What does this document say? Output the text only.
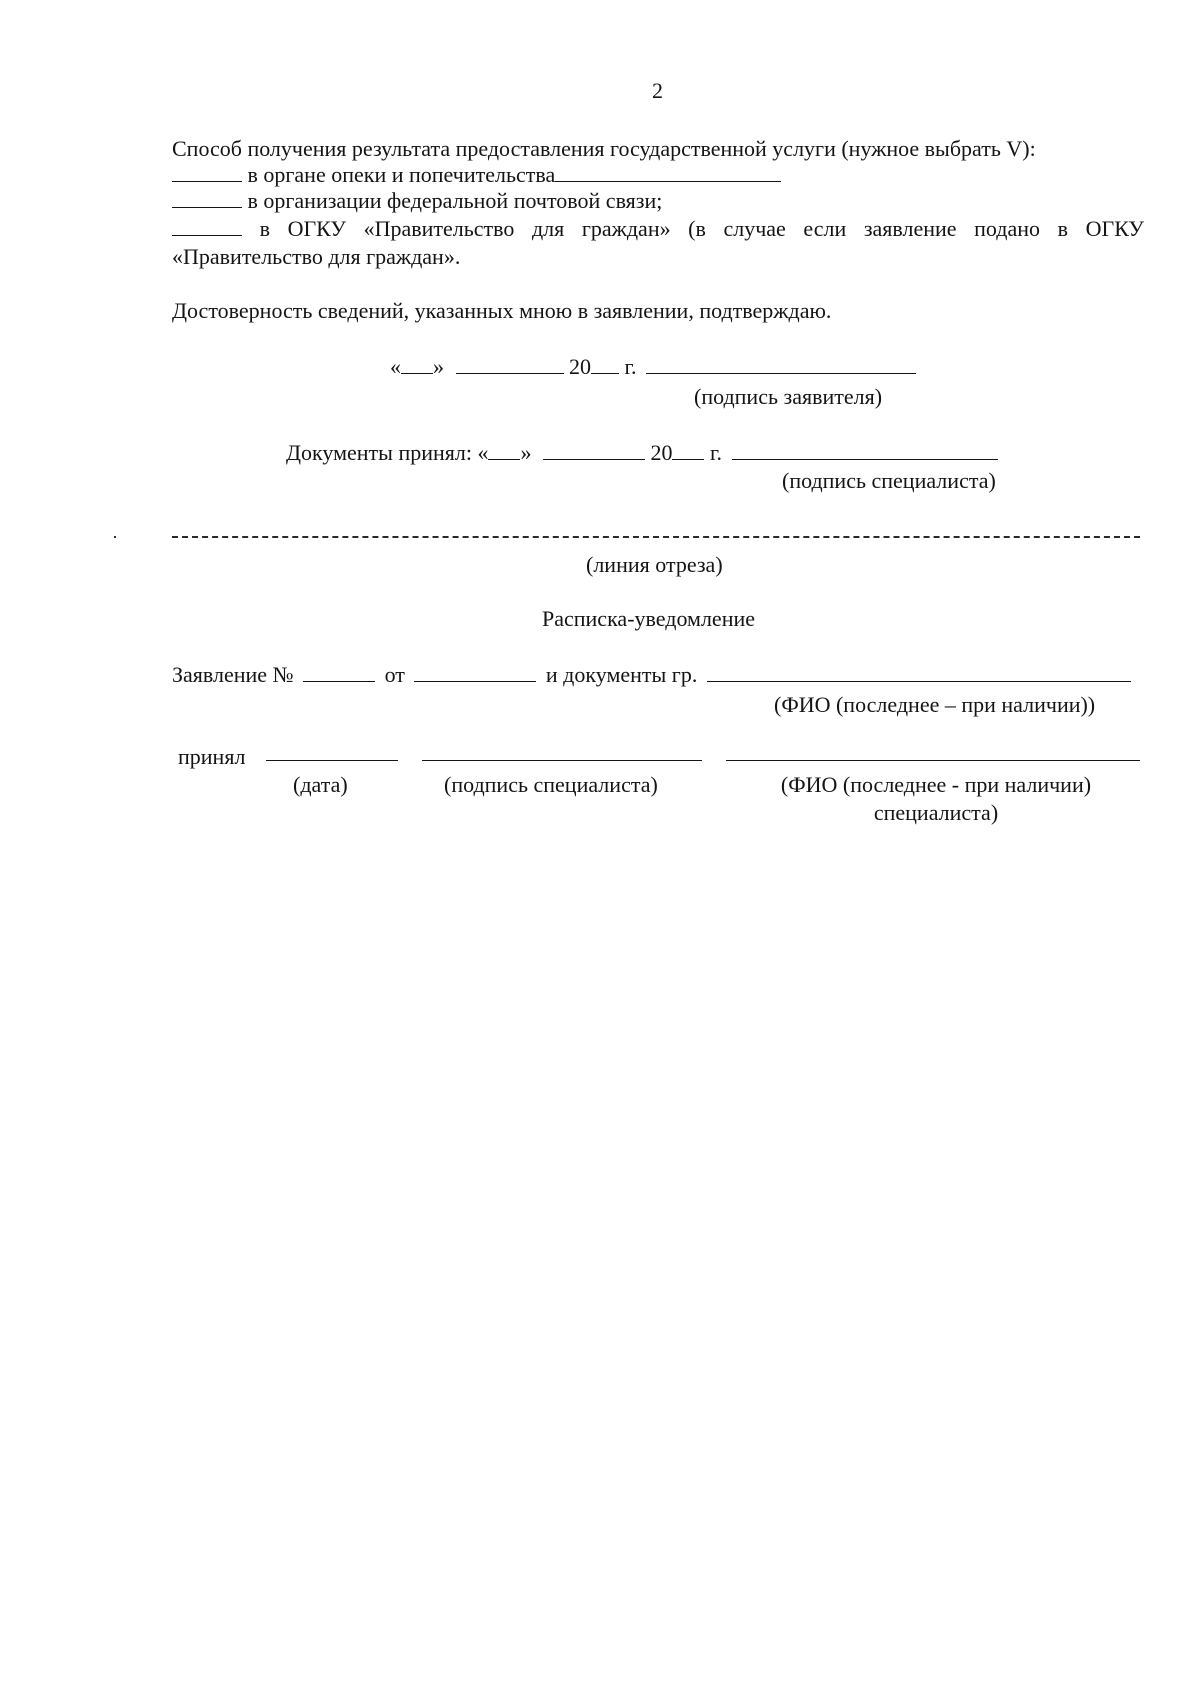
2
Способ получения результата предоставления государственной услуги (нужное выбрать V):
в органе опеки и попечительства
в организации федеральной почтовой связи;
в ОГКУ «Правительство для граждан» (в случае если заявление подано в ОГКУ
«Правительство для граждан».
Достоверность сведений, указанных мною в заявлении, подтверждаю.
« »	20 г.
(подпись заявителя)
Документы принял: « »	20 г.
(подпись специалиста)
(линия отреза)
Расписка-уведомление
Заявление №	от	и документы гр.
(ФИО (последнее – при наличии))
принял
(дата)	(подпись специалиста)	(ФИО (последнее - при наличии)
специалиста)
